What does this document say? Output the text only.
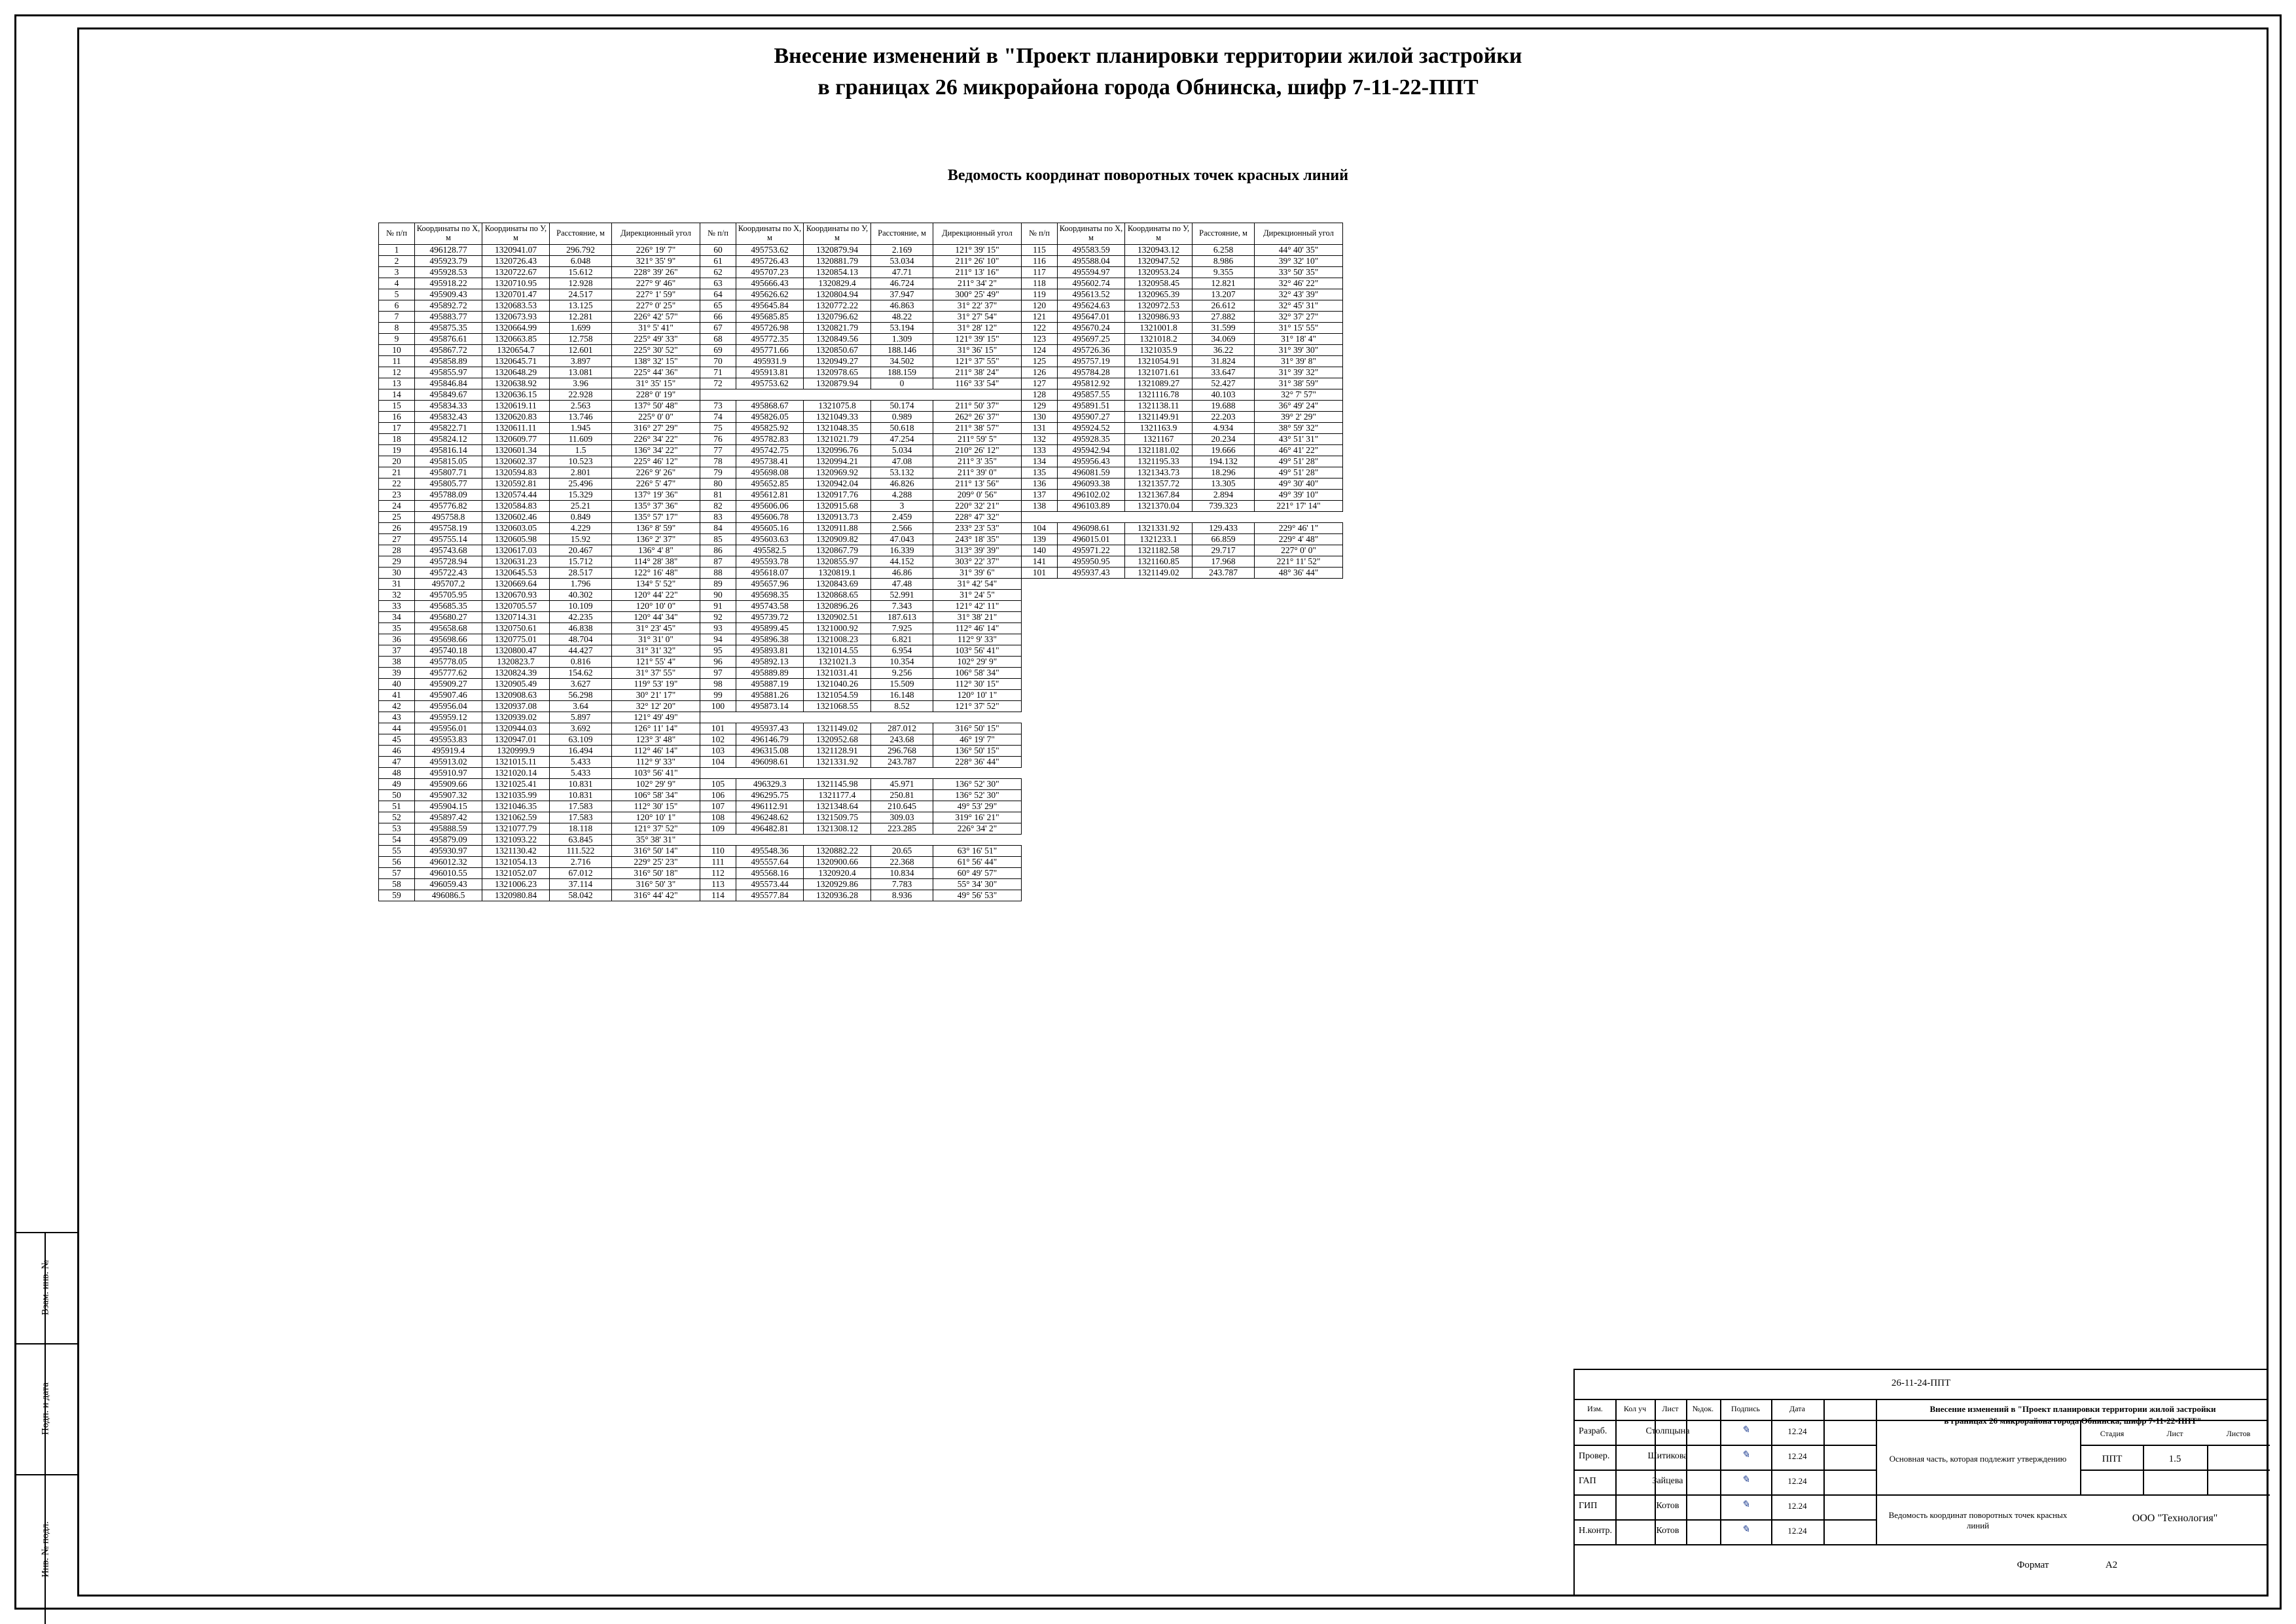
Взам. инв. №
Подп. и дата
Инв. № подл.
Внесение изменений в "Проект планировки территории жилой застройки
в границах 26 микрорайона города Обнинска, шифр 7-11-22-ППТ
Ведомость координат поворотных точек красных линий
№ п/п	Координаты по Х, м	Координаты по У, м	Расстояние, м	Дирекционный угол	№ п/п	Координаты по Х, м	Координаты по У, м	Расстояние, м	Дирекционный угол	№ п/п	Координаты по Х, м	Координаты по У, м	Расстояние, м	Дирекционный угол
1	496128.77	1320941.07	296.792	226° 19' 7"	60	495753.62	1320879.94	2.169	121° 39' 15"	115	495583.59	1320943.12	6.258	44° 40' 35"
2	495923.79	1320726.43	6.048	321° 35' 9"	61	495726.43	1320881.79	53.034	211° 26' 10"	116	495588.04	1320947.52	8.986	39° 32' 10"
3	495928.53	1320722.67	15.612	228° 39' 26"	62	495707.23	1320854.13	47.71	211° 13' 16"	117	495594.97	1320953.24	9.355	33° 50' 35"
4	495918.22	1320710.95	12.928	227° 9' 46"	63	495666.43	1320829.4	46.724	211° 34' 2"	118	495602.74	1320958.45	12.821	32° 46' 22"
5	495909.43	1320701.47	24.517	227° 1' 59"	64	495626.62	1320804.94	37.947	300° 25' 49"	119	495613.52	1320965.39	13.207	32° 43' 39"
6	495892.72	1320683.53	13.125	227° 0' 25"	65	495645.84	1320772.22	46.863	31° 22' 37"	120	495624.63	1320972.53	26.612	32° 45' 31"
7	495883.77	1320673.93	12.281	226° 42' 57"	66	495685.85	1320796.62	48.22	31° 27' 54"	121	495647.01	1320986.93	27.882	32° 37' 27"
8	495875.35	1320664.99	1.699	31° 5' 41"	67	495726.98	1320821.79	53.194	31° 28' 12"	122	495670.24	1321001.8	31.599	31° 15' 55"
9	495876.61	1320663.85	12.758	225° 49' 33"	68	495772.35	1320849.56	1.309	121° 39' 15"	123	495697.25	1321018.2	34.069	31° 18' 4"
10	495867.72	1320654.7	12.601	225° 30' 52"	69	495771.66	1320850.67	188.146	31° 36' 15"	124	495726.36	1321035.9	36.22	31° 39' 30"
11	495858.89	1320645.71	3.897	138° 32' 15"	70	495931.9	1320949.27	34.502	121° 37' 55"	125	495757.19	1321054.91	31.824	31° 39' 8"
12	495855.97	1320648.29	13.081	225° 44' 36"	71	495913.81	1320978.65	188.159	211° 38' 24"	126	495784.28	1321071.61	33.647	31° 39' 32"
13	495846.84	1320638.92	3.96	31° 35' 15"	72	495753.62	1320879.94	0	116° 33' 54"	127	495812.92	1321089.27	52.427	31° 38' 59"
14	495849.67	1320636.15	22.928	228° 0' 19"						128	495857.55	1321116.78	40.103	32° 7' 57"
15	495834.33	1320619.11	2.563	137° 50' 48"	73	495868.67	1321075.8	50.174	211° 50' 37"	129	495891.51	1321138.11	19.688	36° 49' 24"
16	495832.43	1320620.83	13.746	225° 0' 0"	74	495826.05	1321049.33	0.989	262° 26' 37"	130	495907.27	1321149.91	22.203	39° 2' 29"
17	495822.71	1320611.11	1.945	316° 27' 29"	75	495825.92	1321048.35	50.618	211° 38' 57"	131	495924.52	1321163.9	4.934	38° 59' 32"
18	495824.12	1320609.77	11.609	226° 34' 22"	76	495782.83	1321021.79	47.254	211° 59' 5"	132	495928.35	1321167	20.234	43° 51' 31"
19	495816.14	1320601.34	1.5	136° 34' 22"	77	495742.75	1320996.76	5.034	210° 26' 12"	133	495942.94	1321181.02	19.666	46° 41' 22"
20	495815.05	1320602.37	10.523	225° 46' 12"	78	495738.41	1320994.21	47.08	211° 3' 35"	134	495956.43	1321195.33	194.132	49° 51' 28"
21	495807.71	1320594.83	2.801	226° 9' 26"	79	495698.08	1320969.92	53.132	211° 39' 0"	135	496081.59	1321343.73	18.296	49° 51' 28"
22	495805.77	1320592.81	25.496	226° 5' 47"	80	495652.85	1320942.04	46.826	211° 13' 56"	136	496093.38	1321357.72	13.305	49° 30' 40"
23	495788.09	1320574.44	15.329	137° 19' 36"	81	495612.81	1320917.76	4.288	209° 0' 56"	137	496102.02	1321367.84	2.894	49° 39' 10"
24	495776.82	1320584.83	25.21	135° 37' 36"	82	495606.06	1320915.68	3	220° 32' 21"	138	496103.89	1321370.04	739.323	221° 17' 14"
25	495758.8	1320602.46	0.849	135° 57' 17"	83	495606.78	1320913.73	2.459	228° 47' 32"					
26	495758.19	1320603.05	4.229	136° 8' 59"	84	495605.16	1320911.88	2.566	233° 23' 53"	104	496098.61	1321331.92	129.433	229° 46' 1"
27	495755.14	1320605.98	15.92	136° 2' 37"	85	495603.63	1320909.82	47.043	243° 18' 35"	139	496015.01	1321233.1	66.859	229° 4' 48"
28	495743.68	1320617.03	20.467	136° 4' 8"	86	495582.5	1320867.79	16.339	313° 39' 39"	140	495971.22	1321182.58	29.717	227° 0' 0"
29	495728.94	1320631.23	15.712	114° 28' 38"	87	495593.78	1320855.97	44.152	303° 22' 37"	141	495950.95	1321160.85	17.968	221° 11' 52"
30	495722.43	1320645.53	28.517	122° 16' 48"	88	495618.07	1320819.1	46.86	31° 39' 6"	101	495937.43	1321149.02	243.787	48° 36' 44"
31	495707.2	1320669.64	1.796	134° 5' 52"	89	495657.96	1320843.69	47.48	31° 42' 54"					
32	495705.95	1320670.93	40.302	120° 44' 22"	90	495698.35	1320868.65	52.991	31° 24' 5"					
33	495685.35	1320705.57	10.109	120° 10' 0"	91	495743.58	1320896.26	7.343	121° 42' 11"					
34	495680.27	1320714.31	42.235	120° 44' 34"	92	495739.72	1320902.51	187.613	31° 38' 21"					
35	495658.68	1320750.61	46.838	31° 23' 45"	93	495899.45	1321000.92	7.925	112° 46' 14"					
36	495698.66	1320775.01	48.704	31° 31' 0"	94	495896.38	1321008.23	6.821	112° 9' 33"					
37	495740.18	1320800.47	44.427	31° 31' 32"	95	495893.81	1321014.55	6.954	103° 56' 41"					
38	495778.05	1320823.7	0.816	121° 55' 4"	96	495892.13	1321021.3	10.354	102° 29' 9"					
39	495777.62	1320824.39	154.62	31° 37' 55"	97	495889.89	1321031.41	9.256	106° 58' 34"					
40	495909.27	1320905.49	3.627	119° 53' 19"	98	495887.19	1321040.26	15.509	112° 30' 15"					
41	495907.46	1320908.63	56.298	30° 21' 17"	99	495881.26	1321054.59	16.148	120° 10' 1"					
42	495956.04	1320937.08	3.64	32° 12' 20"	100	495873.14	1321068.55	8.52	121° 37' 52"					
43	495959.12	1320939.02	5.897	121° 49' 49"										
44	495956.01	1320944.03	3.692	126° 11' 14"	101	495937.43	1321149.02	287.012	316° 50' 15"					
45	495953.83	1320947.01	63.109	123° 3' 48"	102	496146.79	1320952.68	243.68	46° 19' 7"					
46	495919.4	1320999.9	16.494	112° 46' 14"	103	496315.08	1321128.91	296.768	136° 50' 15"					
47	495913.02	1321015.11	5.433	112° 9' 33"	104	496098.61	1321331.92	243.787	228° 36' 44"					
48	495910.97	1321020.14	5.433	103° 56' 41"										
49	495909.66	1321025.41	10.831	102° 29' 9"	105	496329.3	1321145.98	45.971	136° 52' 30"					
50	495907.32	1321035.99	10.831	106° 58' 34"	106	496295.75	1321177.4	250.81	136° 52' 30"					
51	495904.15	1321046.35	17.583	112° 30' 15"	107	496112.91	1321348.64	210.645	49° 53' 29"					
52	495897.42	1321062.59	17.583	120° 10' 1"	108	496248.62	1321509.75	309.03	319° 16' 21"					
53	495888.59	1321077.79	18.118	121° 37' 52"	109	496482.81	1321308.12	223.285	226° 34' 2"					
54	495879.09	1321093.22	63.845	35° 38' 31"										
55	495930.97	1321130.42	111.522	316° 50' 14"	110	495548.36	1320882.22	20.65	63° 16' 51"					
56	496012.32	1321054.13	2.716	229° 25' 23"	111	495557.64	1320900.66	22.368	61° 56' 44"					
57	496010.55	1321052.07	67.012	316° 50' 18"	112	495568.16	1320920.4	10.834	60° 49' 57"					
58	496059.43	1321006.23	37.114	316° 50' 3"	113	495573.44	1320929.86	7.783	55° 34' 30"					
59	496086.5	1320980.84	58.042	316° 44' 42"	114	495577.84	1320936.28	8.936	49° 56' 53"					
26-11-24-ППТ
Изм.	Кол уч	Лист	№док.	Подпись	Дата
Разраб.
Провер.
ГАП
ГИП
Н.контр.
Столпцына
Шитикова
Зайцева
Котов
Котов
✎
✎
✎
✎
✎
12.24
12.24
12.24
12.24
12.24
Внесение изменений в "Проект планировки территории жилой застройки
в границах 26 микрорайона города Обнинска, шифр 7-11-22-ППТ"
Основная часть, которая подлежит утверждению
Ведомость координат поворотных точек красных линий
Стадия	Лист	Листов
ППТ	1.5
ООО "Технология"
Формат	А2
